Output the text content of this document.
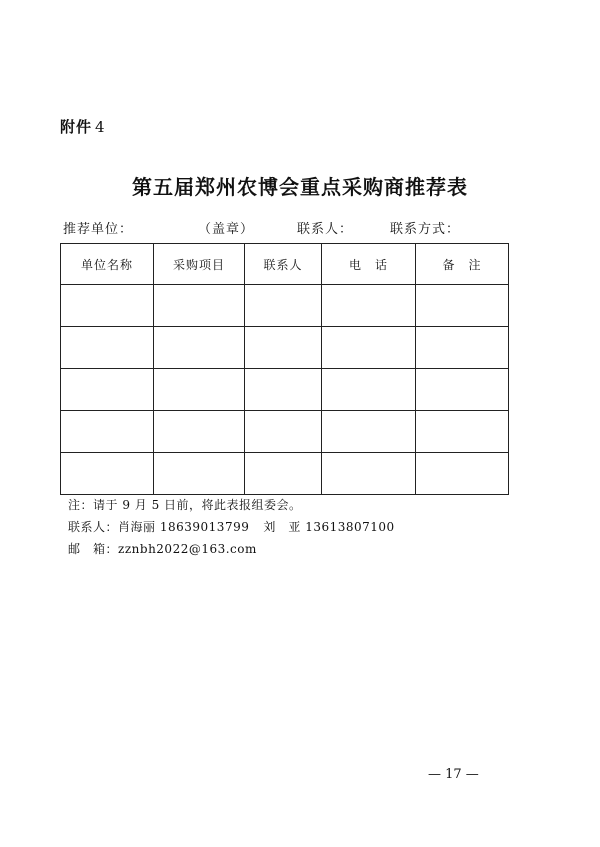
附件 4
第五届郑州农博会重点采购商推荐表
推荐单位：	（盖章）	联系人：	联系方式：
单位名称	采购项目	联系人	电　话	备　注

注：请于 9 月 5 日前，将此表报组委会。
联系人：肖海丽 18639013799 刘　亚 13613807100
邮　箱：zznbh2022@163.com
— 17 —
